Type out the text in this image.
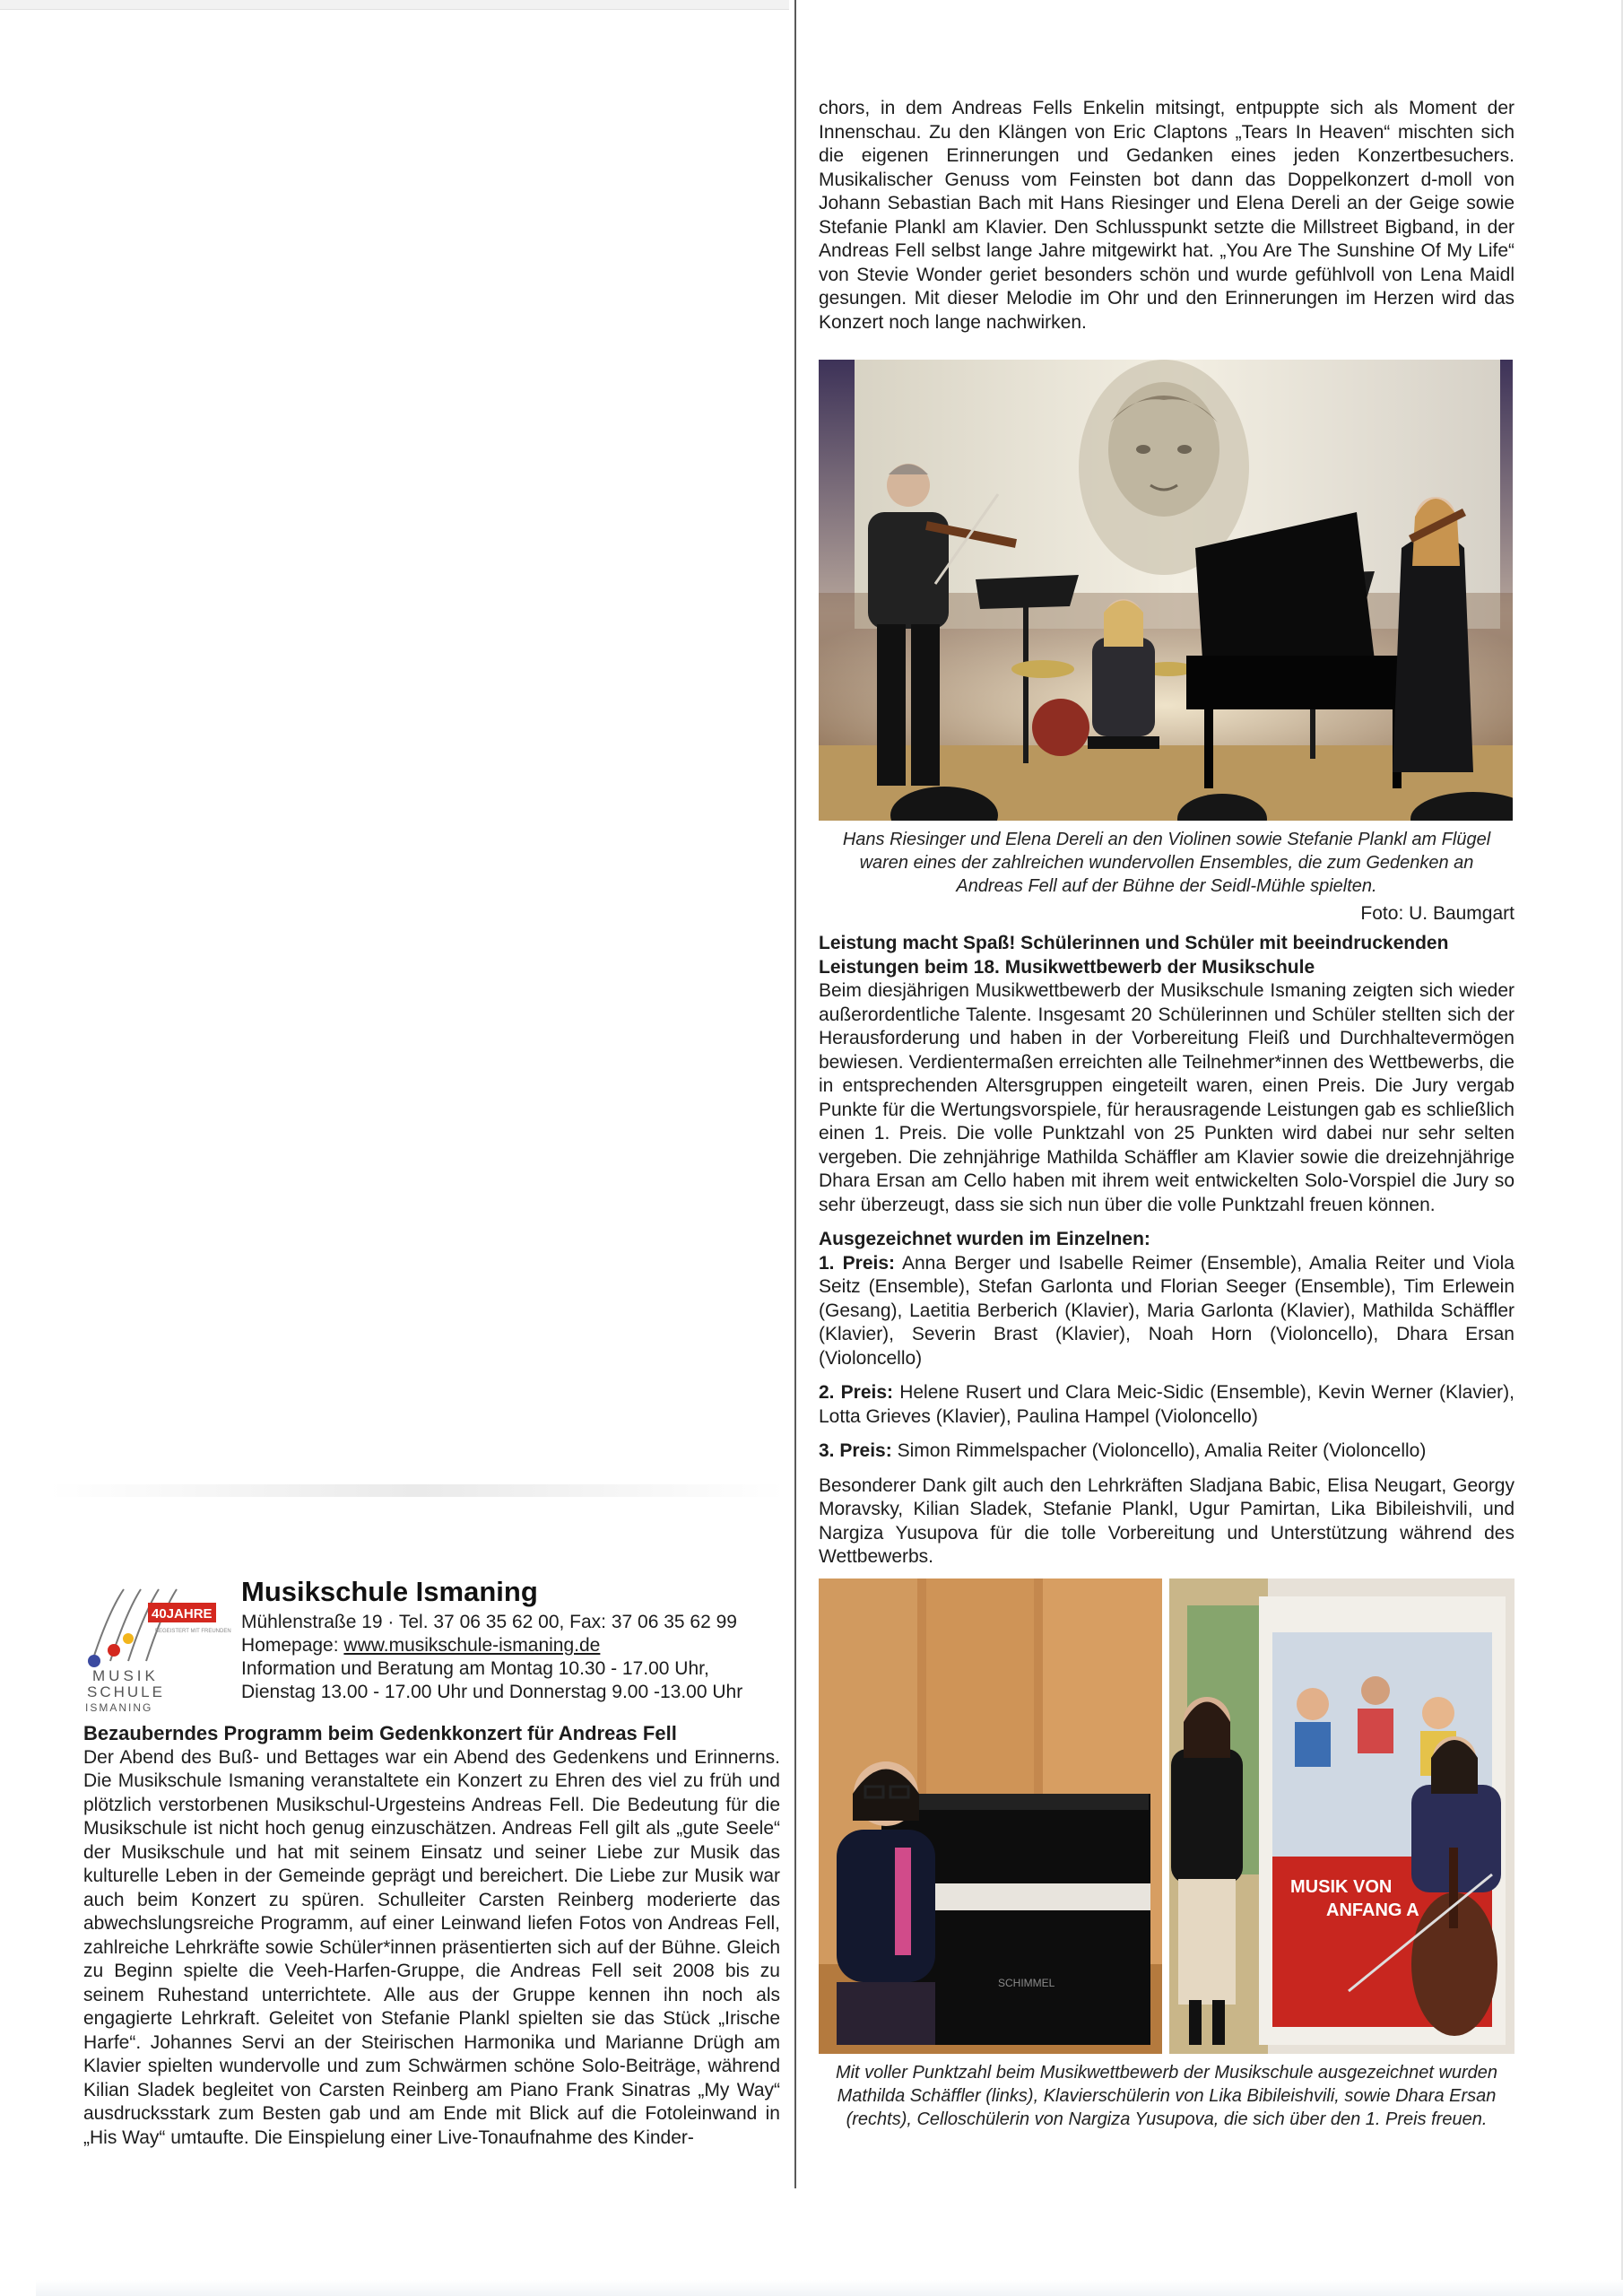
chors, in dem Andreas Fells Enkelin mitsingt, entpuppte sich als Moment der Innenschau. Zu den Klängen von Eric Claptons „Tears In Heaven“ mischten sich die eigenen Erinnerungen und Gedanken eines jeden Konzertbesuchers. Musikalischer Genuss vom Feinsten bot dann das Doppelkonzert d-moll von Johann Sebastian Bach mit Hans Riesinger und Elena Dereli an der Geige sowie Stefanie Plankl am Klavier. Den Schlusspunkt setzte die Millstreet Bigband, in der Andreas Fell selbst lange Jahre mitgewirkt hat. „You Are The Sunshine Of My Life“ von Stevie Wonder geriet besonders schön und wurde gefühlvoll von Lena Maidl gesungen. Mit dieser Melodie im Ohr und den Erinnerungen im Herzen wird das Konzert noch lange nachwirken.

Hans Riesinger und Elena Dereli an den Violinen sowie Stefanie Plankl am Flügel waren eines der zahlreichen wundervollen Ensembles, die zum Gedenken an Andreas Fell auf der Bühne der Seidl-Mühle spielten.

Foto: U. Baumgart

Leistung macht Spaß! Schülerinnen und Schüler mit beeindruckenden Leistungen beim 18. Musikwettbewerb der Musikschule

Beim diesjährigen Musikwettbewerb der Musikschule Ismaning zeigten sich wieder außerordentliche Talente. Insgesamt 20 Schülerinnen und Schüler stellten sich der Herausforderung und haben in der Vorbereitung Fleiß und Durchhaltevermögen bewiesen. Verdientermaßen erreichten alle Teilnehmer*innen des Wettbewerbs, die in entsprechenden Altersgruppen eingeteilt waren, einen Preis. Die Jury vergab Punkte für die Wertungsvorspiele, für herausragende Leistungen gab es schließlich einen 1. Preis. Die volle Punktzahl von 25 Punkten wird dabei nur sehr selten vergeben. Die zehnjährige Mathilda Schäffler am Klavier sowie die dreizehnjährige Dhara Ersan am Cello haben mit ihrem weit entwickelten Solo-Vorspiel die Jury so sehr überzeugt, dass sie sich nun über die volle Punktzahl freuen können.

Ausgezeichnet wurden im Einzelnen:

1. Preis: Anna Berger und Isabelle Reimer (Ensemble), Amalia Reiter und Viola Seitz (Ensemble), Stefan Garlonta und Florian Seeger (Ensemble), Tim Erlewein (Gesang), Laetitia Berberich (Klavier), Maria Garlonta (Klavier), Mathilda Schäffler (Klavier), Severin Brast (Klavier), Noah Horn (Violoncello), Dhara Ersan (Violoncello)

2. Preis: Helene Rusert und Clara Meic-Sidic (Ensemble), Kevin Werner (Klavier), Lotta Grieves (Klavier), Paulina Hampel (Violoncello)

3. Preis: Simon Rimmelspacher (Violoncello), Amalia Reiter (Violoncello)

Besonderer Dank gilt auch den Lehrkräften Sladjana Babic, Elisa Neugart, Georgy Moravsky, Kilian Sladek, Stefanie Plankl, Ugur Pamirtan, Lika Bibileishvili, und Nargiza Yusupova für die tolle Vorbereitung und Unterstützung während des Wettbewerbs.

SCHIMMEL
MUSIK VON
ANFANG A

Mit voller Punktzahl beim Musikwettbewerb der Musikschule ausgezeichnet wurden Mathilda Schäffler (links), Klavierschülerin von Lika Bibileishvili, sowie Dhara Ersan (rechts), Celloschülerin von Nargiza Yusupova, die sich über den 1. Preis freuen.

40JAHRE
BEGEISTERT MIT FREUNDEN
MUSIK
SCHULE
ISMANING

Musikschule Ismaning

Mühlenstraße 19 · Tel. 37 06 35 62 00, Fax: 37 06 35 62 99

Homepage: www.musikschule-ismaning.de

Information und Beratung am Montag 10.30 - 17.00 Uhr,

Dienstag 13.00 - 17.00 Uhr und Donnerstag 9.00 -13.00 Uhr

Bezauberndes Programm beim Gedenkkonzert für Andreas Fell

Der Abend des Buß- und Bettages war ein Abend des Gedenkens und Erinnerns. Die Musikschule Ismaning veranstaltete ein Konzert zu Ehren des viel zu früh und plötzlich verstorbenen Musikschul-Urgesteins Andreas Fell. Die Bedeutung für die Musikschule ist nicht hoch genug einzuschätzen. Andreas Fell gilt als „gute Seele“ der Musikschule und hat mit seinem Einsatz und seiner Liebe zur Musik das kulturelle Leben in der Gemeinde geprägt und bereichert. Die Liebe zur Musik war auch beim Konzert zu spüren. Schulleiter Carsten Reinberg moderierte das abwechslungsreiche Programm, auf einer Leinwand liefen Fotos von Andreas Fell, zahlreiche Lehrkräfte sowie Schüler*innen präsentierten sich auf der Bühne. Gleich zu Beginn spielte die Veeh-Harfen-Gruppe, die Andreas Fell seit 2008 bis zu seinem Ruhestand unterrichtete. Alle aus der Gruppe kennen ihn noch als engagierte Lehrkraft. Geleitet von Stefanie Plankl spielten sie das Stück „Irische Harfe“. Johannes Servi an der Steirischen Harmonika und Marianne Drügh am Klavier spielten wundervolle und zum Schwärmen schöne Solo-Beiträge, während Kilian Sladek begleitet von Carsten Reinberg am Piano Frank Sinatras „My Way“ ausdrucksstark zum Besten gab und am Ende mit Blick auf die Fotoleinwand in „His Way“ umtaufte. Die Einspielung einer Live-Tonaufnahme des Kinder-
